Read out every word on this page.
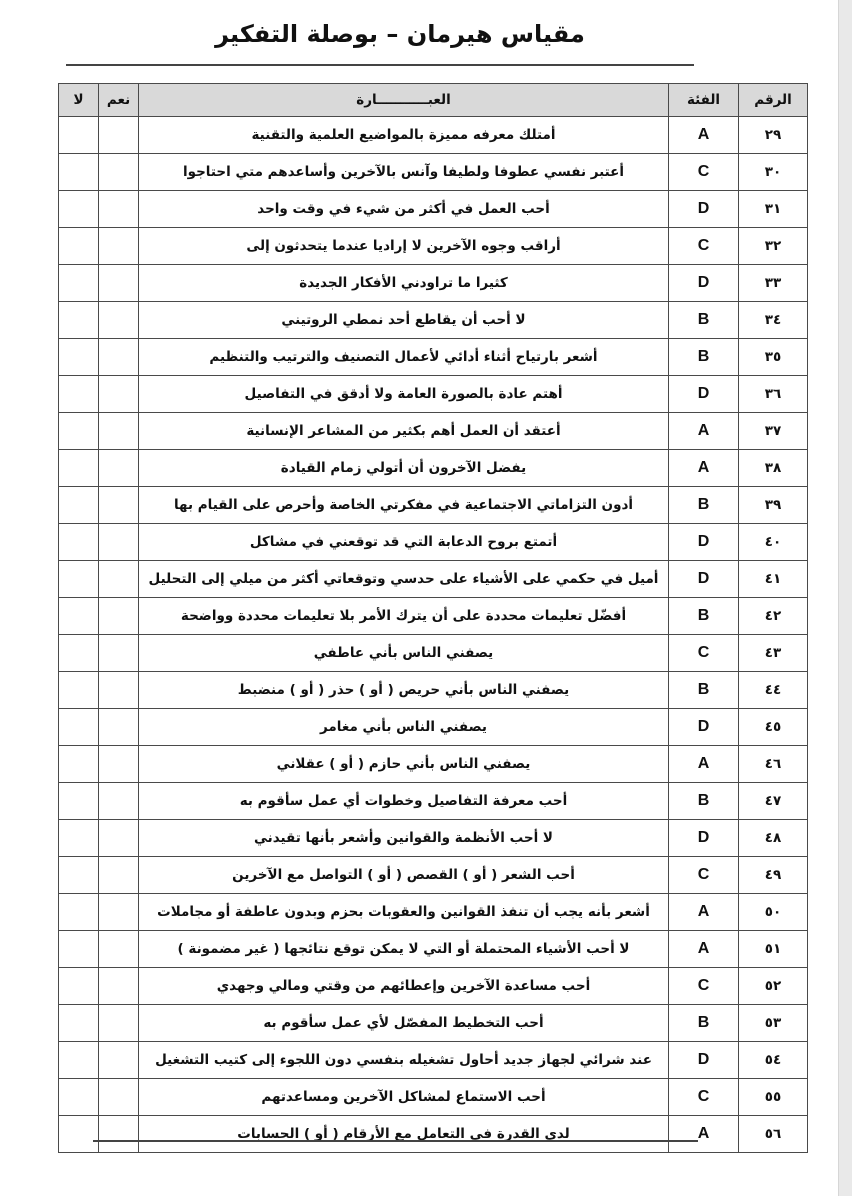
مقياس هيرمان – بوصلة التفكير
الرقم	الفئة	العبـــــــــــارة	نعم	لا
٢٩	A	أمتلك معرفه مميزة بالمواضيع العلمية والتقنية		
٣٠	C	أعتبر نفسي عطوفا ولطيفا وآنس بالآخرين وأساعدهم متي احتاجوا		
٣١	D	أحب العمل في أكثر من شيء في وقت واحد		
٣٢	C	أراقب وجوه الآخرين لا إراديا عندما يتحدثون إلى		
٣٣	D	كثيرا ما تراودني الأفكار الجديدة		
٣٤	B	لا أحب أن يقاطع أحد نمطي الروتيني		
٣٥	B	أشعر بارتياح أثناء أدائي لأعمال التصنيف والترتيب والتنظيم		
٣٦	D	أهتم عادة بالصورة العامة ولا أدقق في التفاصيل		
٣٧	A	أعتقد أن العمل أهم بكثير من المشاعر الإنسانية		
٣٨	A	يفضل الآخرون أن أتولي زمام القيادة		
٣٩	B	أدون التزاماتي الاجتماعية في مفكرتي الخاصة وأحرص على القيام بها		
٤٠	D	أتمتع بروح الدعابة التي قد توقعني في مشاكل		
٤١	D	أميل في حكمي على الأشياء على حدسي وتوقعاتي أكثر من ميلي إلى التحليل		
٤٢	B	أفضّل تعليمات محددة على أن يترك الأمر بلا تعليمات محددة وواضحة		
٤٣	C	يصفني الناس بأني عاطفي		
٤٤	B	يصفني الناس بأني حريص ( أو ) حذر ( أو ) منضبط		
٤٥	D	يصفني الناس بأني مغامر		
٤٦	A	يصفني الناس بأني حازم ( أو ) عقلاني		
٤٧	B	أحب معرفة التفاصيل وخطوات أي عمل سأقوم به		
٤٨	D	لا أحب الأنظمة والقوانين وأشعر بأنها تقيدني		
٤٩	C	أحب الشعر ( أو ) القصص ( أو ) التواصل مع الآخرين		
٥٠	A	أشعر بأنه يجب أن تنفذ القوانين والعقوبات بحزم وبدون عاطفة أو مجاملات		
٥١	A	لا أحب الأشياء المحتملة أو التي لا يمكن توقع نتائجها ( غير مضمونة )		
٥٢	C	أحب مساعدة الآخرين وإعطائهم من وقتي ومالي وجهدي		
٥٣	B	أحب التخطيط المفصّل لأي عمل سأقوم به		
٥٤	D	عند شرائي لجهاز جديد أحاول تشغيله بنفسي دون اللجوء إلى كتيب التشغيل		
٥٥	C	أحب الاستماع لمشاكل الآخرين ومساعدتهم		
٥٦	A	لدي القدرة في التعامل مع الأرقام ( أو ) الحسابات		
